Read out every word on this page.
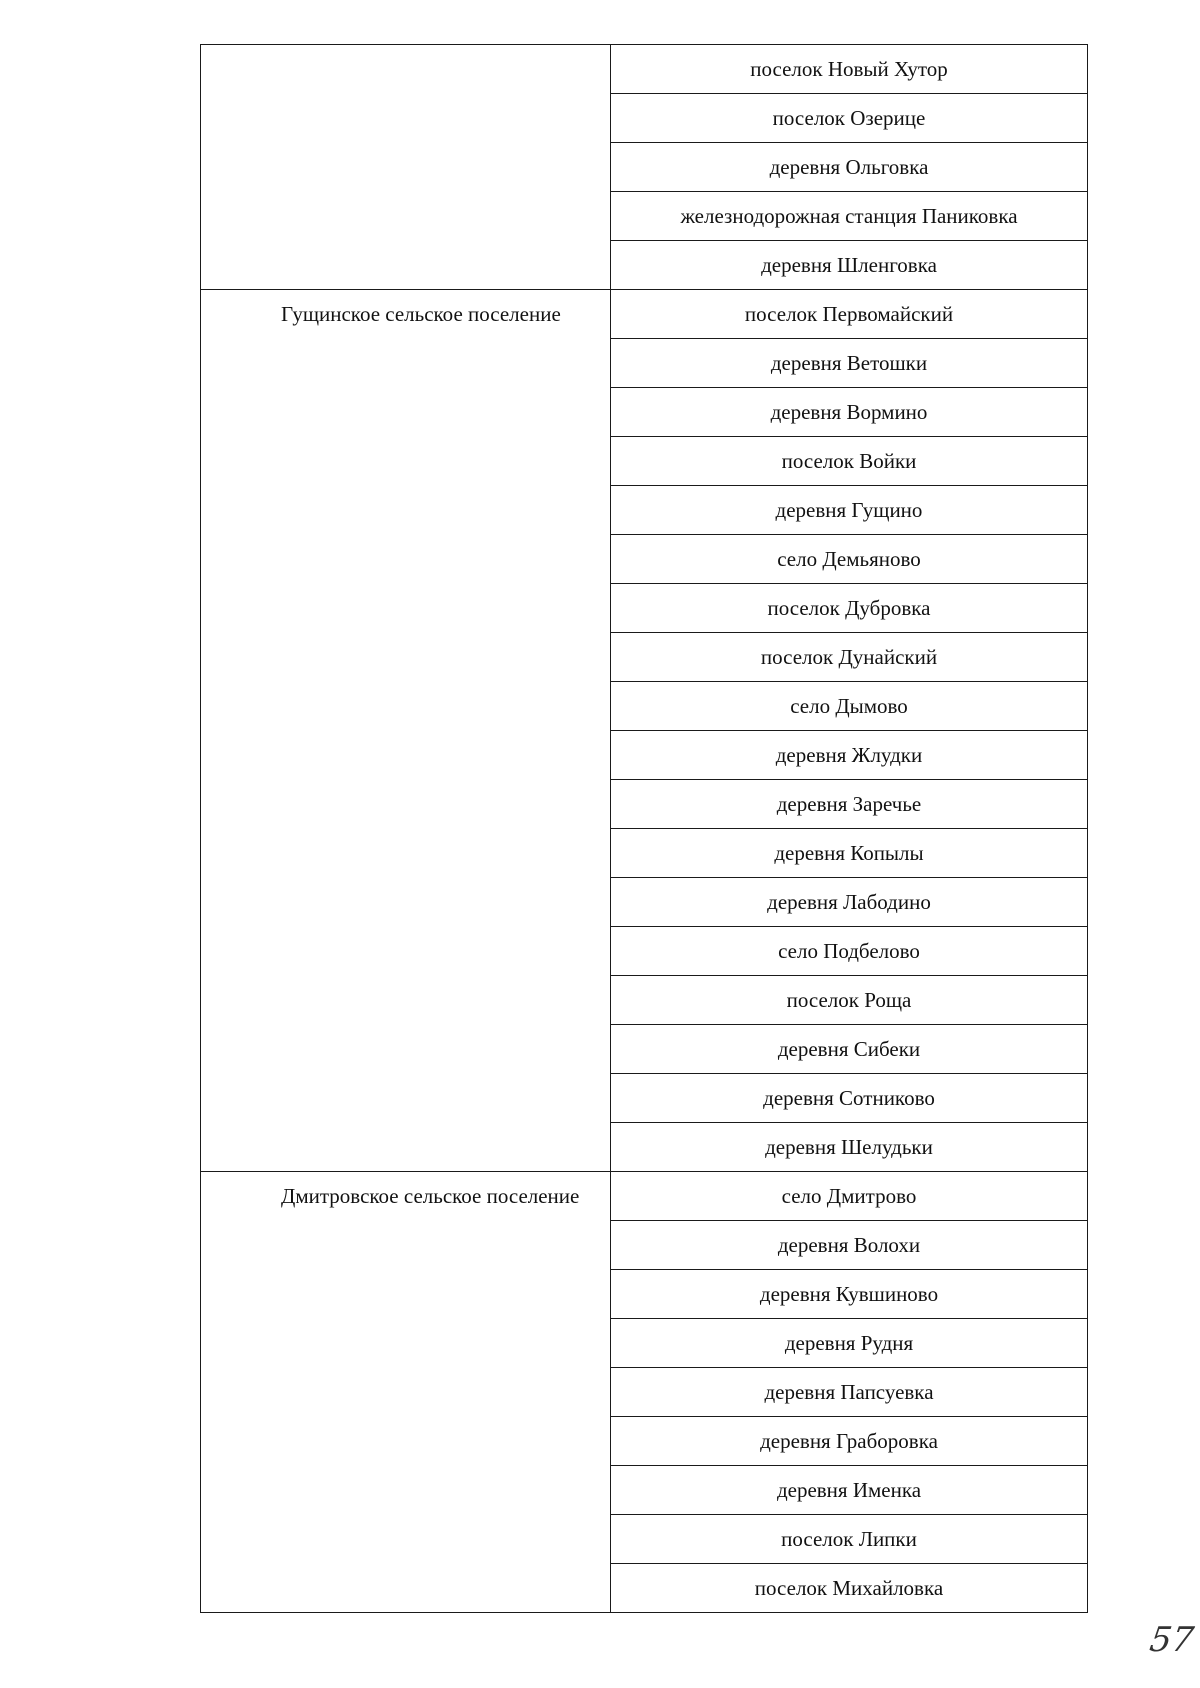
	поселок Новый Хутор
	поселок Озерице
	деревня Ольговка
	железнодорожная станция Паниковка
	деревня Шленговка

Гущинское сельское поселение	поселок Первомайский
	деревня Ветошки
	деревня Вормино
	поселок Войки
	деревня Гущино
	село Демьяново
	поселок Дубровка
	поселок Дунайский
	село Дымово
	деревня Жлудки
	деревня Заречье
	деревня Копылы
	деревня Лабодино
	село Подбелово
	поселок Роща
	деревня Сибеки
	деревня Сотниково
	деревня Шелудьки

Дмитровское сельское поселение	село Дмитрово
	деревня Волохи
	деревня Кувшиново
	деревня Рудня
	деревня Папсуевка
	деревня Граборовка
	деревня Именка
	поселок Липки
	поселок Михайловка
57
